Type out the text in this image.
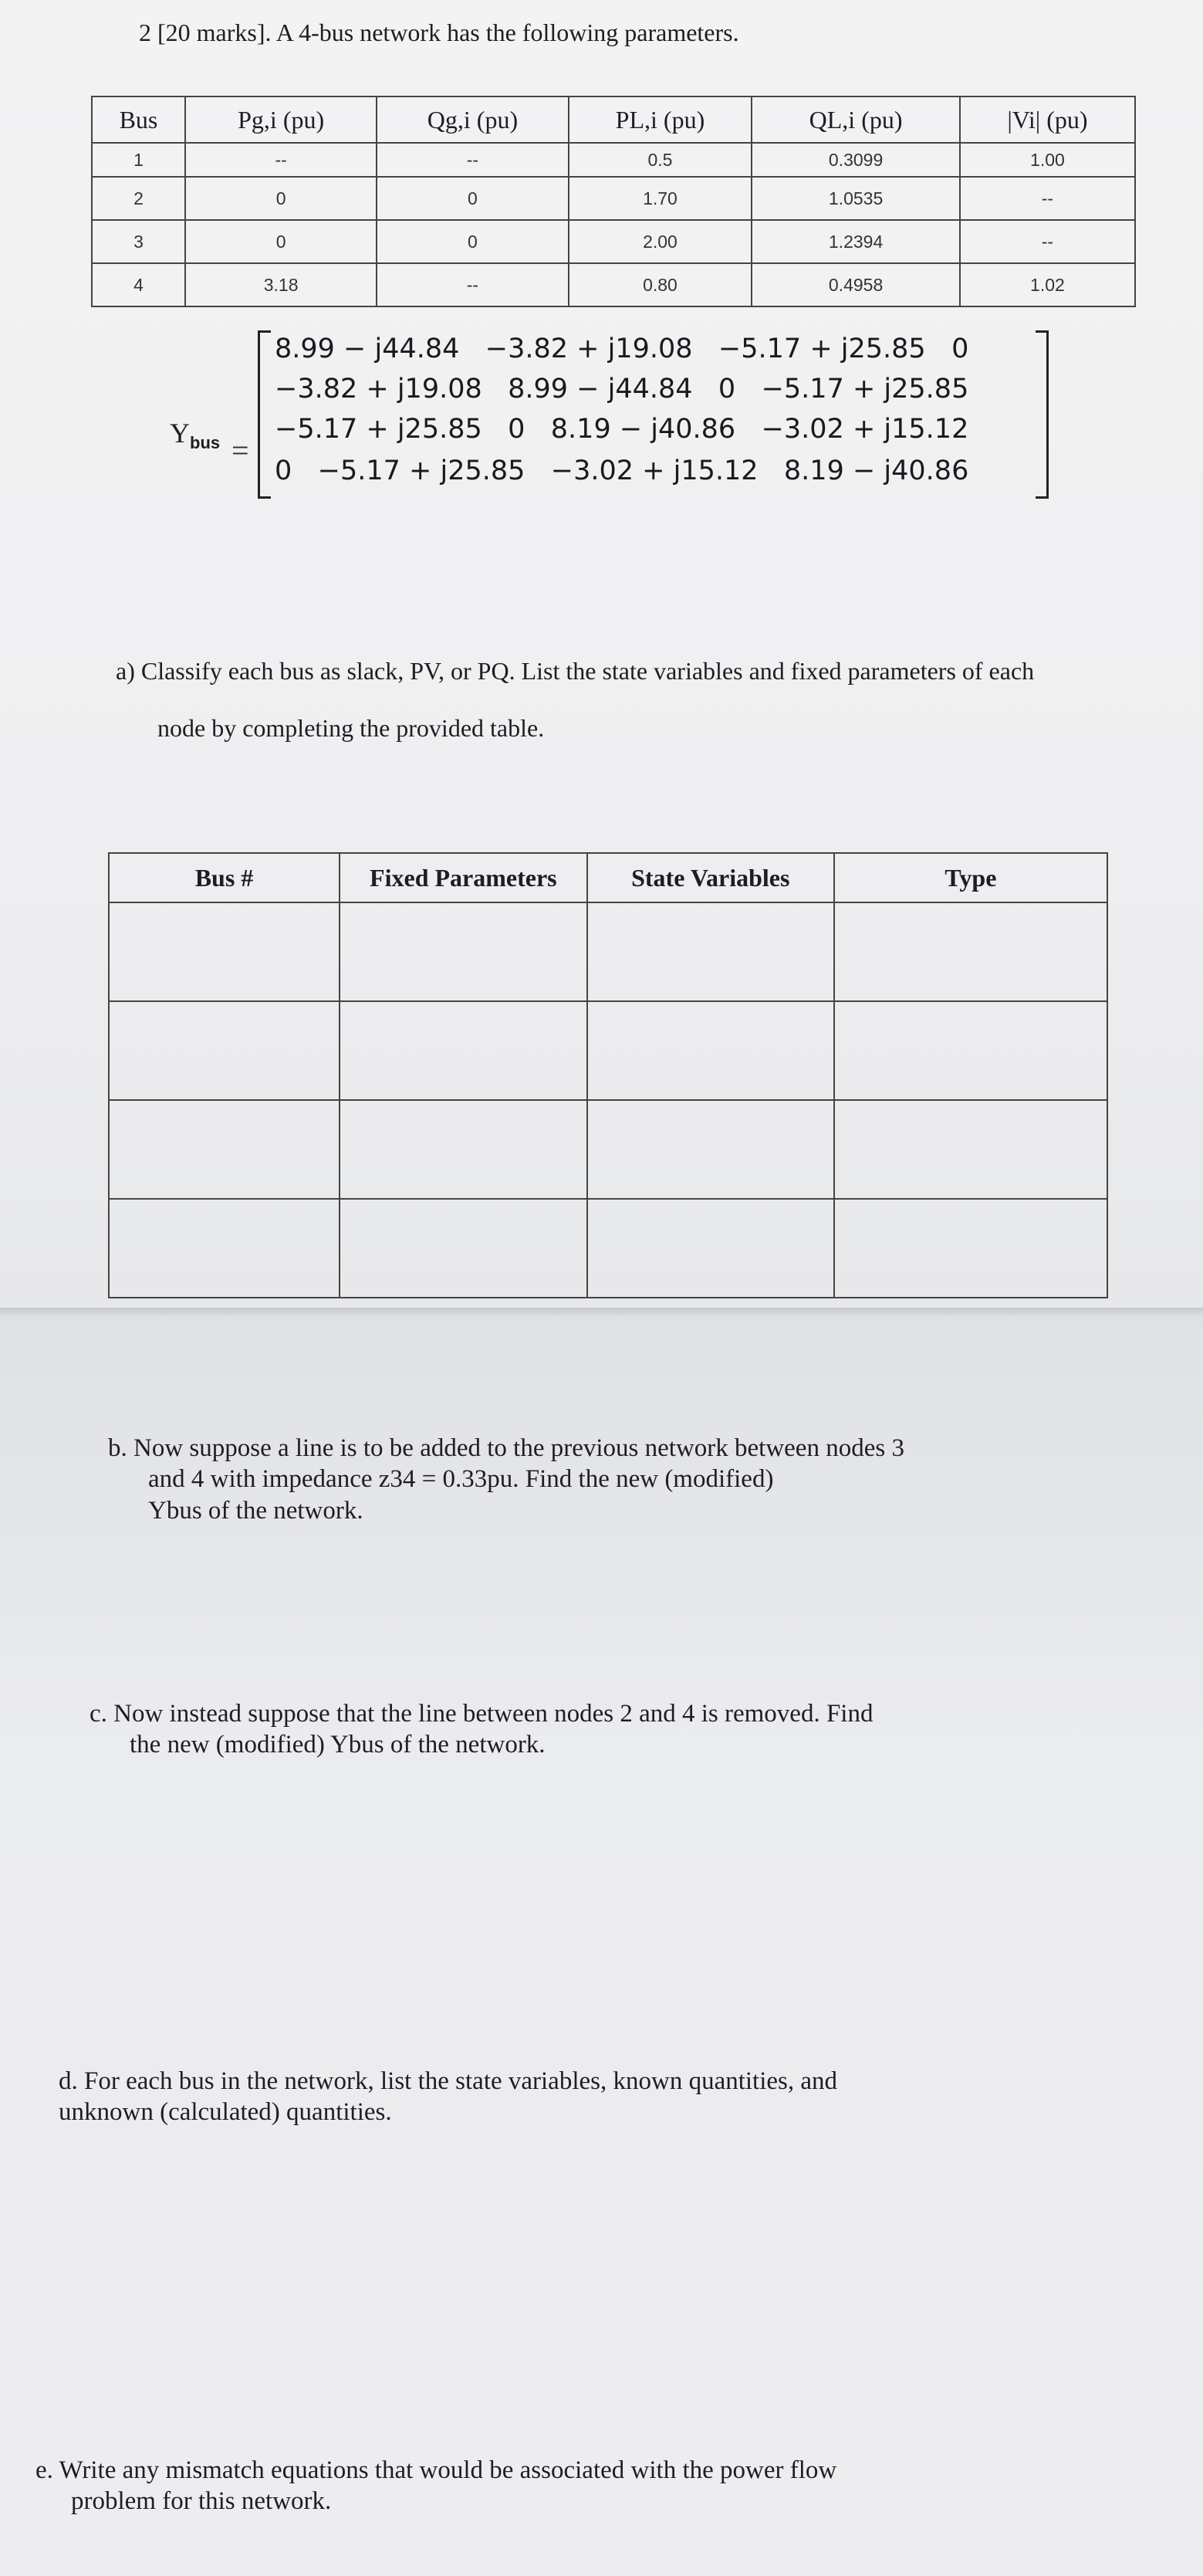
2 [20 marks]. A 4-bus network has the following parameters.
Bus	Pg,i (pu)	Qg,i (pu)	PL,i (pu)	QL,i (pu)	|Vi| (pu)
1	--	--	0.5	0.3099	1.00
2	0	0	1.70	1.0535	--
3	0	0	2.00	1.2394	--
4	3.18	--	0.80	0.4958	1.02
$Y_{bus}$ =
8.99 − j44.84   −3.82 + j19.08   −5.17 + j25.85   0
−3.82 + j19.08   8.99 − j44.84   0   −5.17 + j25.85
−5.17 + j25.85   0   8.19 − j40.86   −3.02 + j15.12
0   −5.17 + j25.85   −3.02 + j15.12   8.19 − j40.86
a) Classify each bus as slack, PV, or PQ. List the state variables and fixed parameters of each
node by completing the provided table.
Bus #	Fixed Parameters	State Variables	Type

b. Now suppose a line is to be added to the previous network between nodes 3
and 4 with impedance z34 = 0.33pu. Find the new (modified)
Ybus of the network.
c. Now instead suppose that the line between nodes 2 and 4 is removed. Find
the new (modified) Ybus of the network.
d. For each bus in the network, list the state variables, known quantities, and
unknown (calculated) quantities.
e. Write any mismatch equations that would be associated with the power flow
problem for this network.
